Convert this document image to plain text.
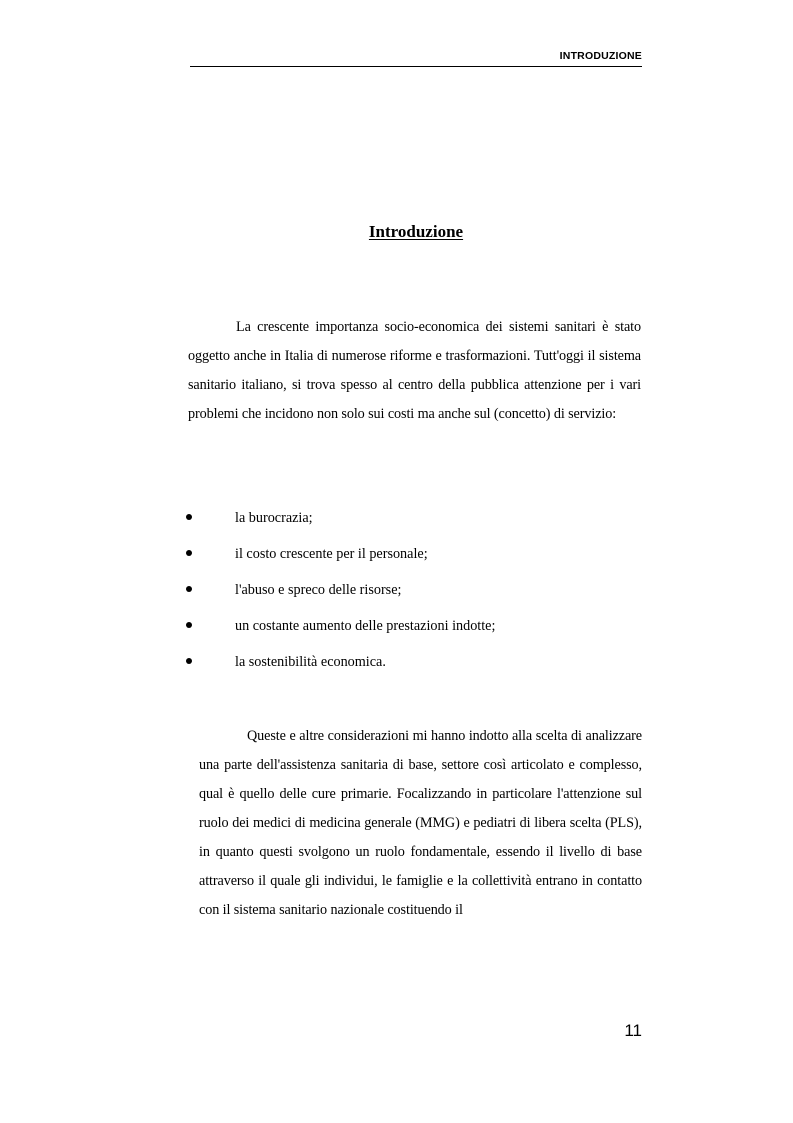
INTRODUZIONE
Introduzione

La crescente importanza socio-economica dei sistemi sanitari è stato oggetto anche in Italia di numerose riforme e trasformazioni. Tutt'oggi il sistema sanitario italiano, si trova spesso al centro della pubblica attenzione per i vari problemi che incidono non solo sui costi ma anche sul (concetto) di servizio:

la burocrazia;
il costo crescente per il personale;
l'abuso e spreco delle risorse;
un costante aumento delle prestazioni indotte;
la sostenibilità economica.

Queste e altre considerazioni mi hanno indotto alla scelta di analizzare una parte dell'assistenza sanitaria di base, settore così articolato e complesso, qual è quello delle cure primarie. Focalizzando in particolare l'attenzione sul ruolo dei medici di medicina generale (MMG) e pediatri di libera scelta (PLS), in quanto questi svolgono un ruolo fondamentale, essendo il livello di base attraverso il quale gli individui, le famiglie e la collettività entrano in contatto con il sistema sanitario nazionale costituendo il

11
